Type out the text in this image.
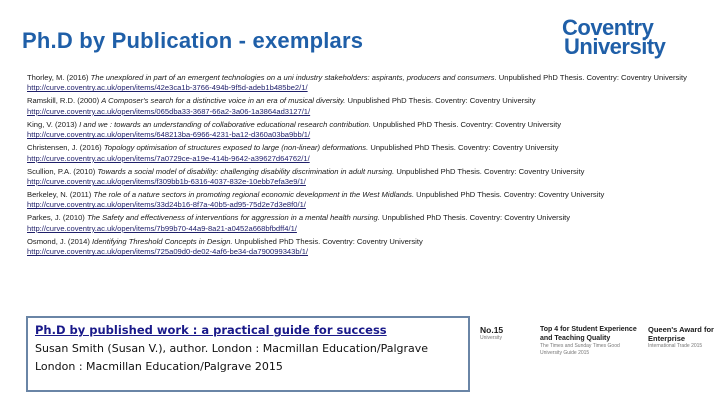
Ph.D by Publication - exemplars
Coventry
University
Thorley, M. (2016) The unexplored in part of an emergent technologies on a uni industry stakeholders: aspirants, producers and consumers. Unpublished PhD Thesis. Coventry: Coventry University
http://curve.coventry.ac.uk/open/items/42e3ca1b-3766-494b-9f5d-adeb1b485be2/1/
Ramskill, R.D. (2000) A Composer's search for a distinctive voice in an era of musical diversity. Unpublished PhD Thesis. Coventry: Coventry University
http://curve.coventry.ac.uk/open/items/065dba33-3687-66a2-3a06-1a3864ad3127/1/
King, V. (2013) I and we : towards an understanding of collaborative educational research contribution. Unpublished PhD Thesis. Coventry: Coventry University
http://curve.coventry.ac.uk/open/items/648213ba-6966-4231-ba12-d360a03ba9bb/1/
Christensen, J. (2016) Topology optimisation of structures exposed to large (non-linear) deformations. Unpublished PhD Thesis. Coventry: Coventry University
http://curve.coventry.ac.uk/open/items/7a0729ce-a19e-414b-9642-a39627d64762/1/
Scullion, P.A. (2010) Towards a social model of disability: challenging disability discrimination in adult nursing. Unpublished PhD Thesis. Coventry: Coventry University
http://curve.coventry.ac.uk/open/items/f309bb1b-6316-4037-832e-10ebb7efa3e9/1/
Berkeley, N. (2011) The role of a nature sectors in promoting regional economic development in the West Midlands. Unpublished PhD Thesis. Coventry: Coventry University
http://curve.coventry.ac.uk/open/items/33d24b16-8f7a-40b5-ad95-75d2e7d3e8f0/1/
Parkes, J. (2010) The Safety and effectiveness of interventions for aggression in a mental health nursing. Unpublished PhD Thesis. Coventry: Coventry University
http://curve.coventry.ac.uk/open/items/7b99b70-44a9-8a21-a0452a668bfbdff4/1/
Osmond, J. (2014) Identifying Threshold Concepts in Design. Unpublished PhD Thesis. Coventry: Coventry University
http://curve.coventry.ac.uk/open/items/725a09d0-de02-4af6-be34-da790099343b/1/
No.15
University
Top 4 for Student Experience and Teaching Quality
The Times and Sunday Times Good University Guide 2015
Queen's Award for Enterprise
International Trade 2015
Ph.D by published work : a practical guide for success
Susan Smith (Susan V.), author. London : Macmillan Education/Palgrave
London : Macmillan Education/Palgrave 2015
